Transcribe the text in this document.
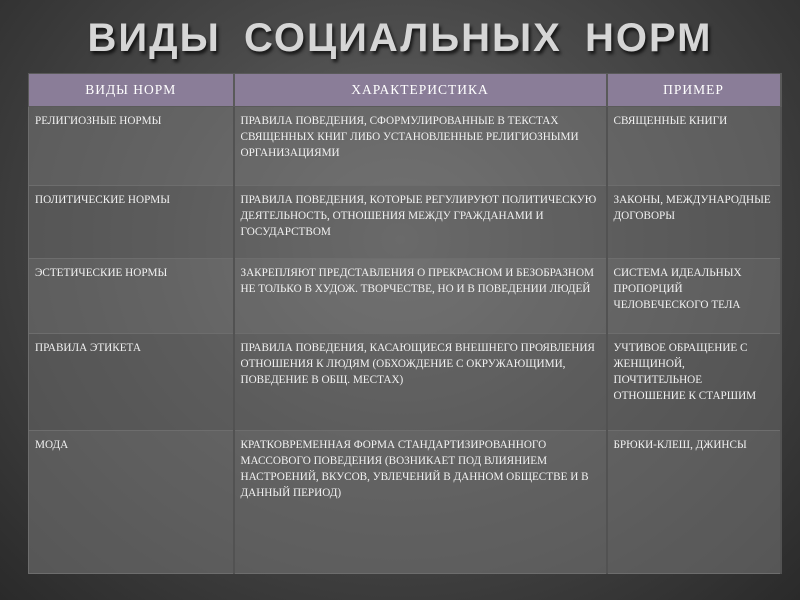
ВИДЫ СОЦИАЛЬНЫХ НОРМ
ВИДЫ НОРМ	ХАРАКТЕРИСТИКА	ПРИМЕР
РЕЛИГИОЗНЫЕ НОРМЫ	ПРАВИЛА ПОВЕДЕНИЯ, СФОРМУЛИРОВАННЫЕ В ТЕКСТАХ СВЯЩЕННЫХ КНИГ ЛИБО УСТАНОВЛЕННЫЕ РЕЛИГИОЗНЫМИ ОРГАНИЗАЦИЯМИ	СВЯЩЕННЫЕ КНИГИ
ПОЛИТИЧЕСКИЕ НОРМЫ	ПРАВИЛА ПОВЕДЕНИЯ, КОТОРЫЕ РЕГУЛИРУЮТ ПОЛИТИЧЕСКУЮ ДЕЯТЕЛЬНОСТЬ, ОТНОШЕНИЯ МЕЖДУ ГРАЖДАНАМИ И ГОСУДАРСТВОМ	ЗАКОНЫ, МЕЖДУНАРОДНЫЕ ДОГОВОРЫ
ЭСТЕТИЧЕСКИЕ НОРМЫ	ЗАКРЕПЛЯЮТ ПРЕДСТАВЛЕНИЯ О ПРЕКРАСНОМ И БЕЗОБРАЗНОМ НЕ ТОЛЬКО В ХУДОЖ. ТВОРЧЕСТВЕ, НО И В ПОВЕДЕНИИ ЛЮДЕЙ	СИСТЕМА ИДЕАЛЬНЫХ ПРОПОРЦИЙ ЧЕЛОВЕЧЕСКОГО ТЕЛА
ПРАВИЛА ЭТИКЕТА	ПРАВИЛА ПОВЕДЕНИЯ, КАСАЮЩИЕСЯ ВНЕШНЕГО ПРОЯВЛЕНИЯ ОТНОШЕНИЯ К ЛЮДЯМ (ОБХОЖДЕНИЕ С ОКРУЖАЮЩИМИ, ПОВЕДЕНИЕ В ОБЩ. МЕСТАХ)	УЧТИВОЕ ОБРАЩЕНИЕ С ЖЕНЩИНОЙ, ПОЧТИТЕЛЬНОЕ ОТНОШЕНИЕ К СТАРШИМ
МОДА	КРАТКОВРЕМЕННАЯ ФОРМА СТАНДАРТИЗИРОВАННОГО МАССОВОГО ПОВЕДЕНИЯ (ВОЗНИКАЕТ ПОД ВЛИЯНИЕМ НАСТРОЕНИЙ, ВКУСОВ, УВЛЕЧЕНИЙ В ДАННОМ ОБЩЕСТВЕ И В ДАННЫЙ ПЕРИОД)	БРЮКИ-КЛЕШ, ДЖИНСЫ
